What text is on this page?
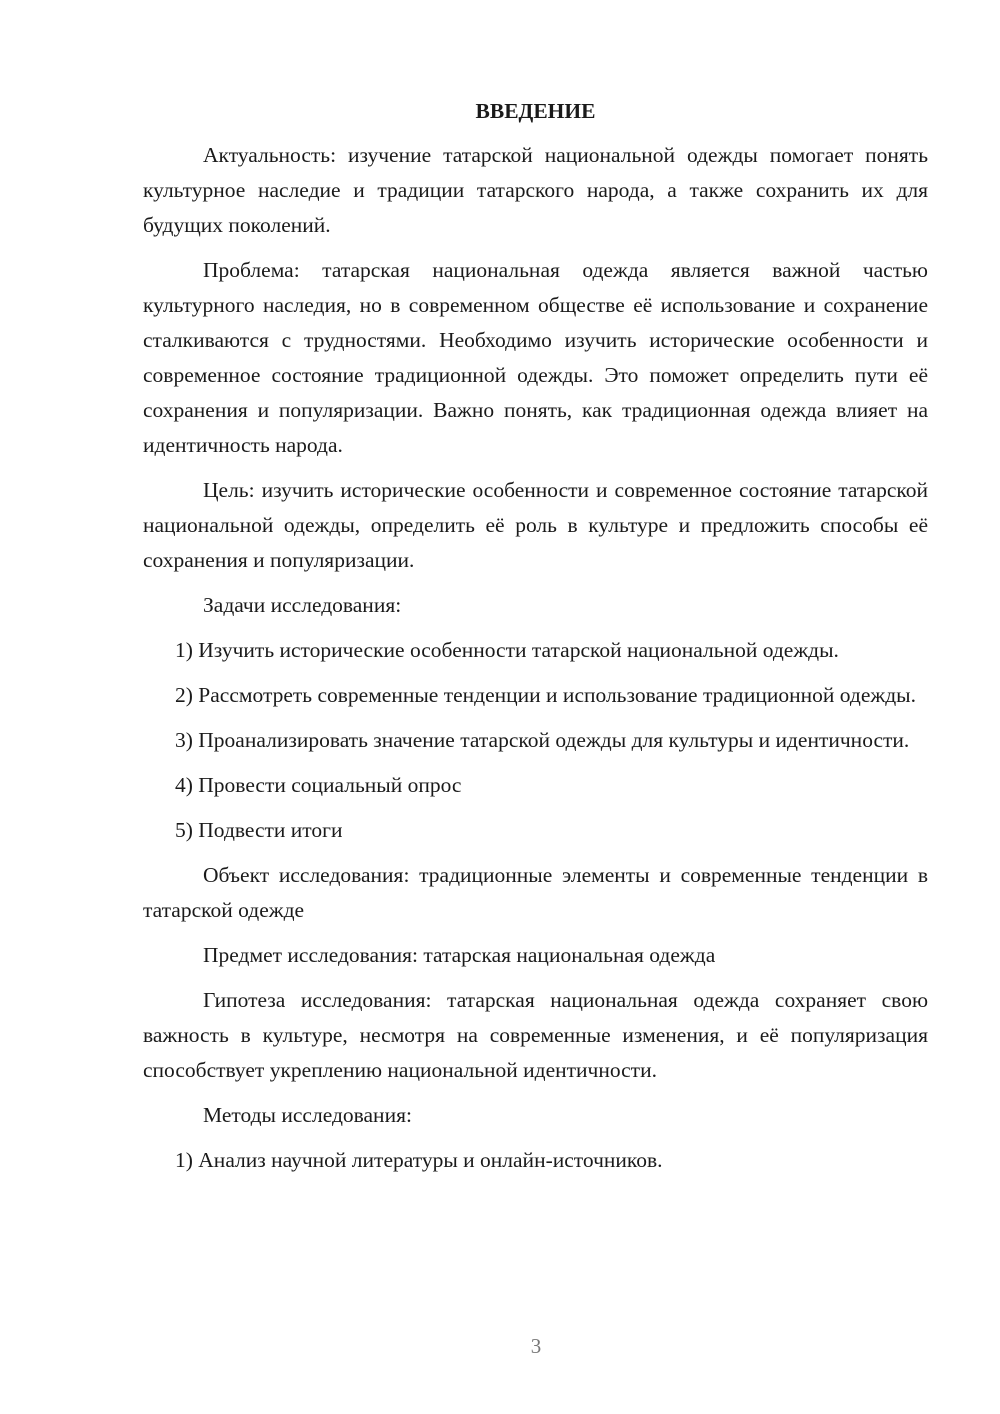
ВВЕДЕНИЕ

Актуальность: изучение татарской национальной одежды помогает понять культурное наследие и традиции татарского народа, а также сохранить их для будущих поколений.

Проблема: татарская национальная одежда является важной частью культурного наследия, но в современном обществе её использование и сохранение сталкиваются с трудностями. Необходимо изучить исторические особенности и современное состояние традиционной одежды. Это поможет определить пути её сохранения и популяризации. Важно понять, как традиционная одежда влияет на идентичность народа.

Цель: изучить исторические особенности и современное состояние татарской национальной одежды, определить её роль в культуре и предложить способы её сохранения и популяризации.

Задачи исследования:

1) Изучить исторические особенности татарской национальной одежды.

2) Рассмотреть современные тенденции и использование традиционной одежды.

3) Проанализировать значение татарской одежды для культуры и идентичности.

4) Провести социальный опрос

5) Подвести итоги

Объект исследования: традиционные элементы и современные тенденции в татарской одежде

Предмет исследования: татарская национальная одежда

Гипотеза исследования: татарская национальная одежда сохраняет свою важность в культуре, несмотря на современные изменения, и её популяризация способствует укреплению национальной идентичности.

Методы исследования:

1) Анализ научной литературы и онлайн-источников.

3
